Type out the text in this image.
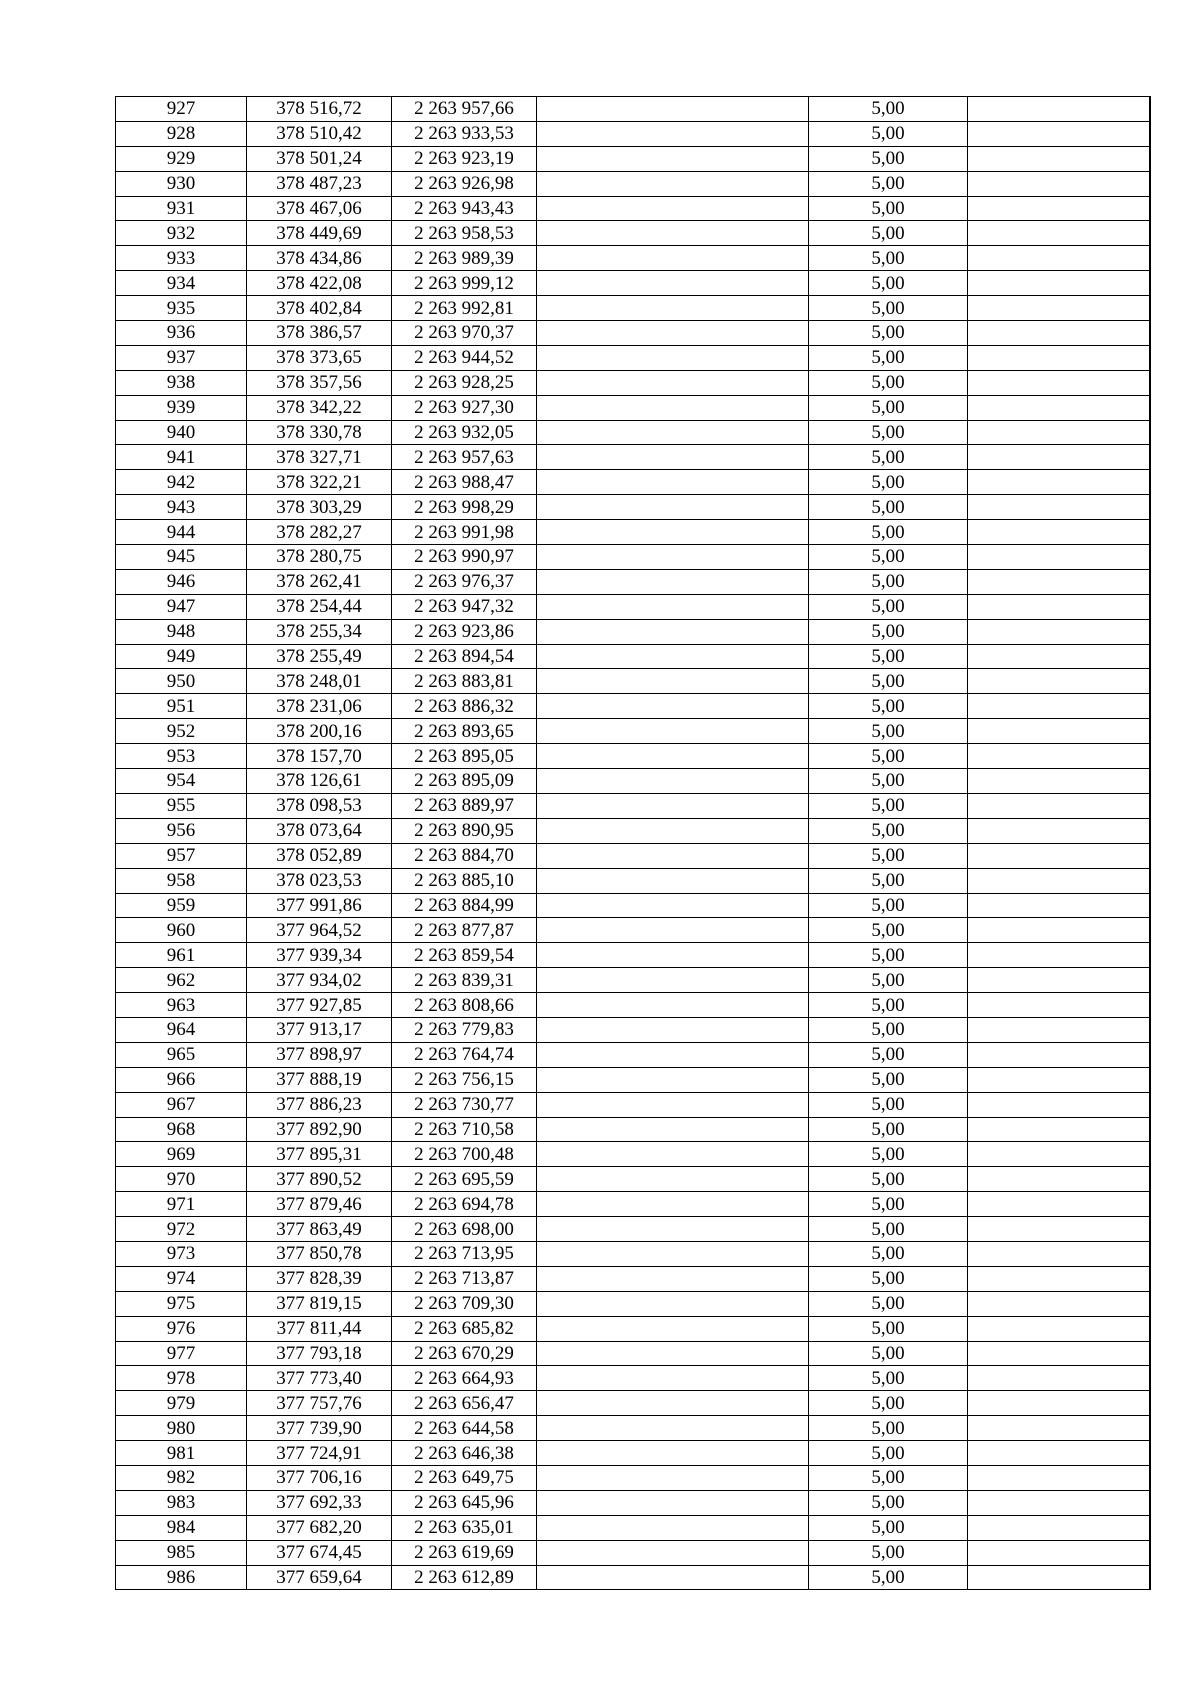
927	378 516,72	2 263 957,66	5,00
928	378 510,42	2 263 933,53	5,00
929	378 501,24	2 263 923,19	5,00
930	378 487,23	2 263 926,98	5,00
931	378 467,06	2 263 943,43	5,00
932	378 449,69	2 263 958,53	5,00
933	378 434,86	2 263 989,39	5,00
934	378 422,08	2 263 999,12	5,00
935	378 402,84	2 263 992,81	5,00
936	378 386,57	2 263 970,37	5,00
937	378 373,65	2 263 944,52	5,00
938	378 357,56	2 263 928,25	5,00
939	378 342,22	2 263 927,30	5,00
940	378 330,78	2 263 932,05	5,00
941	378 327,71	2 263 957,63	5,00
942	378 322,21	2 263 988,47	5,00
943	378 303,29	2 263 998,29	5,00
944	378 282,27	2 263 991,98	5,00
945	378 280,75	2 263 990,97	5,00
946	378 262,41	2 263 976,37	5,00
947	378 254,44	2 263 947,32	5,00
948	378 255,34	2 263 923,86	5,00
949	378 255,49	2 263 894,54	5,00
950	378 248,01	2 263 883,81	5,00
951	378 231,06	2 263 886,32	5,00
952	378 200,16	2 263 893,65	5,00
953	378 157,70	2 263 895,05	5,00
954	378 126,61	2 263 895,09	5,00
955	378 098,53	2 263 889,97	5,00
956	378 073,64	2 263 890,95	5,00
957	378 052,89	2 263 884,70	5,00
958	378 023,53	2 263 885,10	5,00
959	377 991,86	2 263 884,99	5,00
960	377 964,52	2 263 877,87	5,00
961	377 939,34	2 263 859,54	5,00
962	377 934,02	2 263 839,31	5,00
963	377 927,85	2 263 808,66	5,00
964	377 913,17	2 263 779,83	5,00
965	377 898,97	2 263 764,74	5,00
966	377 888,19	2 263 756,15	5,00
967	377 886,23	2 263 730,77	5,00
968	377 892,90	2 263 710,58	5,00
969	377 895,31	2 263 700,48	5,00
970	377 890,52	2 263 695,59	5,00
971	377 879,46	2 263 694,78	5,00
972	377 863,49	2 263 698,00	5,00
973	377 850,78	2 263 713,95	5,00
974	377 828,39	2 263 713,87	5,00
975	377 819,15	2 263 709,30	5,00
976	377 811,44	2 263 685,82	5,00
977	377 793,18	2 263 670,29	5,00
978	377 773,40	2 263 664,93	5,00
979	377 757,76	2 263 656,47	5,00
980	377 739,90	2 263 644,58	5,00
981	377 724,91	2 263 646,38	5,00
982	377 706,16	2 263 649,75	5,00
983	377 692,33	2 263 645,96	5,00
984	377 682,20	2 263 635,01	5,00
985	377 674,45	2 263 619,69	5,00
986	377 659,64	2 263 612,89	5,00
